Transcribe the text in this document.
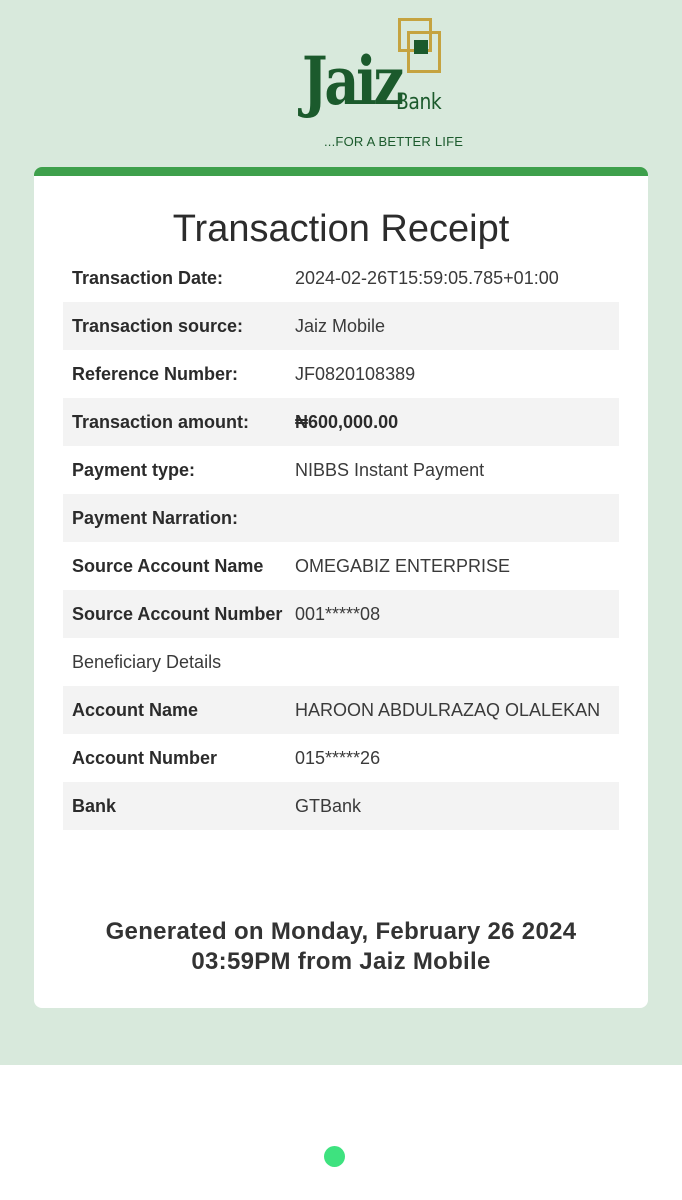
Jaiz
Bank
...FOR A BETTER LIFE
Transaction Receipt
Transaction Date:	2024-02-26T15:59:05.785+01:00
Transaction source:	Jaiz Mobile
Reference Number:	JF0820108389
Transaction amount:	₦600,000.00
Payment type:	NIBBS Instant Payment
Payment Narration:
Source Account Name	OMEGABIZ ENTERPRISE
Source Account Number 001*****08
Beneficiary Details
Account Name	HAROON ABDULRAZAQ OLALEKAN
Account Number	015*****26
Bank	GTBank
Generated on Monday, February 26 2024
03:59PM from Jaiz Mobile
